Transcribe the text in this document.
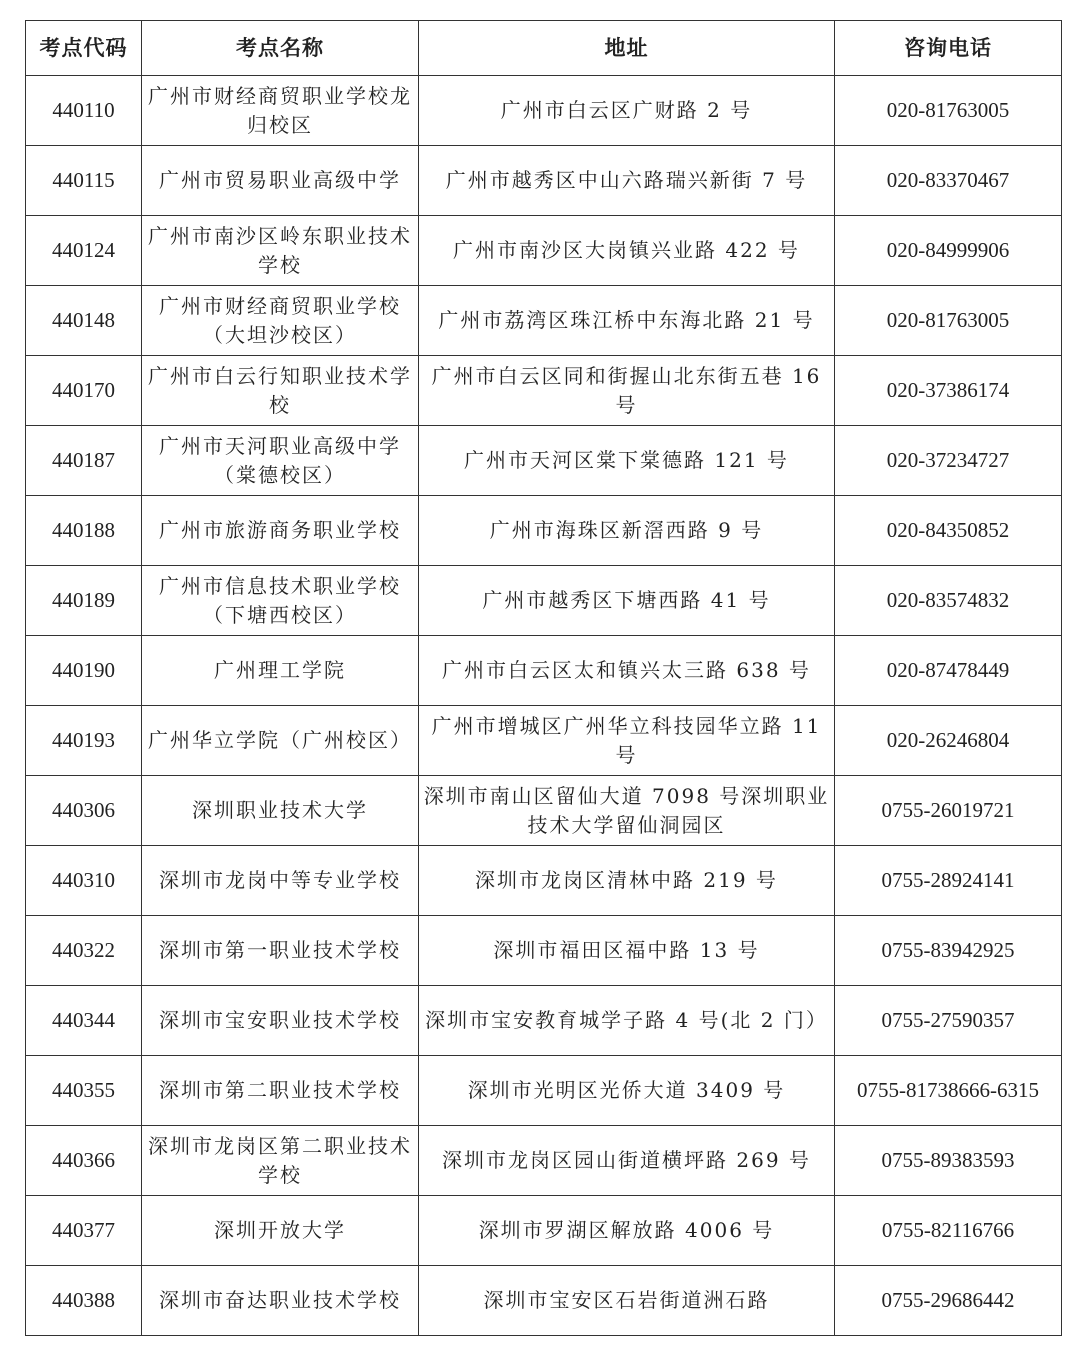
考点代码	考点名称	地址	咨询电话
440110	广州市财经商贸职业学校龙归校区	广州市白云区广财路 2 号	020-81763005
440115	广州市贸易职业高级中学	广州市越秀区中山六路瑞兴新街 7 号	020-83370467
440124	广州市南沙区岭东职业技术学校	广州市南沙区大岗镇兴业路 422 号	020-84999906
440148	广州市财经商贸职业学校（大坦沙校区）	广州市荔湾区珠江桥中东海北路 21 号	020-81763005
440170	广州市白云行知职业技术学校	广州市白云区同和街握山北东街五巷 16 号	020-37386174
440187	广州市天河职业高级中学（棠德校区）	广州市天河区棠下棠德路 121 号	020-37234727
440188	广州市旅游商务职业学校	广州市海珠区新滘西路 9 号	020-84350852
440189	广州市信息技术职业学校（下塘西校区）	广州市越秀区下塘西路 41 号	020-83574832
440190	广州理工学院	广州市白云区太和镇兴太三路 638 号	020-87478449
440193	广州华立学院（广州校区）	广州市增城区广州华立科技园华立路 11 号	020-26246804
440306	深圳职业技术大学	深圳市南山区留仙大道 7098 号深圳职业技术大学留仙洞园区	0755-26019721
440310	深圳市龙岗中等专业学校	深圳市龙岗区清林中路 219 号	0755-28924141
440322	深圳市第一职业技术学校	深圳市福田区福中路 13 号	0755-83942925
440344	深圳市宝安职业技术学校	深圳市宝安教育城学子路 4 号(北 2 门）	0755-27590357
440355	深圳市第二职业技术学校	深圳市光明区光侨大道 3409 号	0755-81738666-6315
440366	深圳市龙岗区第二职业技术学校	深圳市龙岗区园山街道横坪路 269 号	0755-89383593
440377	深圳开放大学	深圳市罗湖区解放路 4006 号	0755-82116766
440388	深圳市奋达职业技术学校	深圳市宝安区石岩街道洲石路	0755-29686442
